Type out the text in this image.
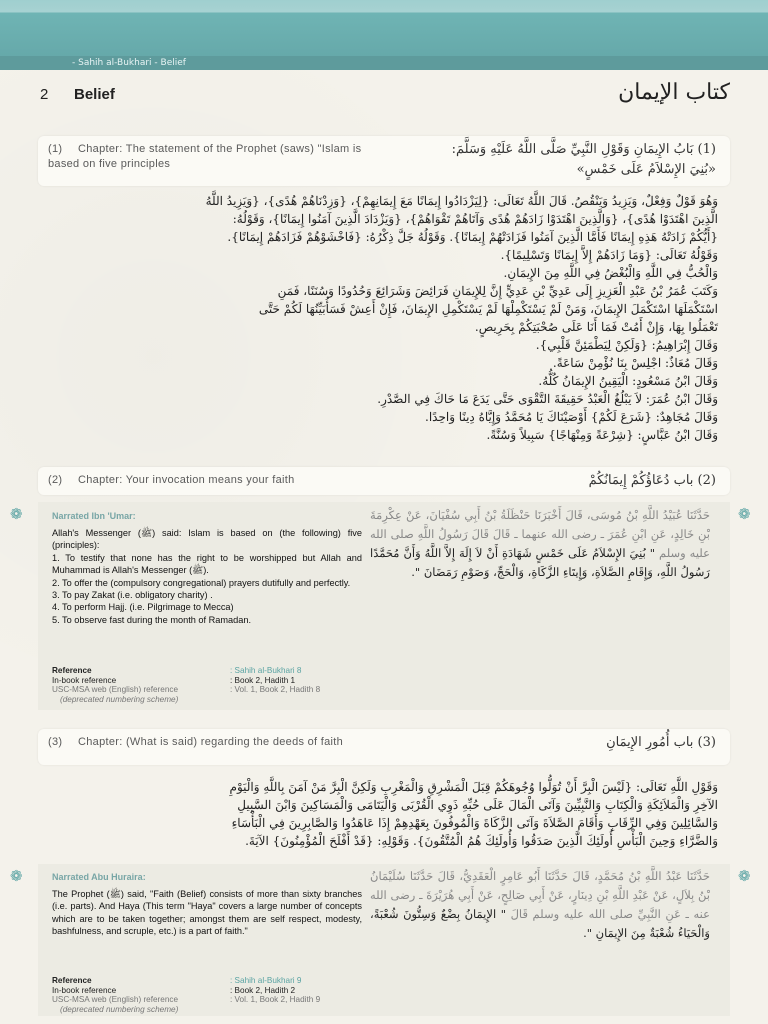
- Sahih al-Bukhari - Belief
2 Belief	كتاب الإيمان
(1) Chapter: The statement of the Prophet (saws) "Islam is based on five principles
(1) بَابُ الإِيمَانِ وَقَوْلِ النَّبِيِّ صَلَّى اللَّهُ عَلَيْهِ وَسَلَّمَ:
«بُنِيَ الإِسْلاَمُ عَلَى خَمْسٍ»

وَهُوَ قَوْلٌ وَفِعْلٌ، وَيَزِيدُ وَيَنْقُصُ. قَالَ اللَّهُ تَعَالَى: {لِيَزْدَادُوا إِيمَانًا مَعَ إِيمَانِهِمْ}، {وَزِدْنَاهُمْ هُدًى}، {وَيَزِيدُ اللَّهُ

الَّذِينَ اهْتَدَوْا هُدًى}، {وَالَّذِينَ اهْتَدَوْا زَادَهُمْ هُدًى وَآتَاهُمْ تَقْوَاهُمْ}، {وَيَزْدَادَ الَّذِينَ آمَنُوا إِيمَانًا}، وَقَوْلُهُ:

{أَيُّكُمْ زَادَتْهُ هَذِهِ إِيمَانًا فَأَمَّا الَّذِينَ آمَنُوا فَزَادَتْهُمْ إِيمَانًا}. وَقَوْلُهُ جَلَّ ذِكْرُهُ: {فَاخْشَوْهُمْ فَزَادَهُمْ إِيمَانًا}.

وَقَوْلُهُ تَعَالَى: {وَمَا زَادَهُمْ إِلاَّ إِيمَانًا وَتَسْلِيمًا}.

وَالْحُبُّ فِي اللَّهِ وَالْبُغْضُ فِي اللَّهِ مِنَ الإِيمَانِ.

وَكَتَبَ عُمَرُ بْنُ عَبْدِ الْعَزِيزِ إِلَى عَدِيِّ بْنِ عَدِيٍّ إِنَّ لِلإِيمَانِ فَرَائِضَ وَشَرَائِعَ وَحُدُودًا وَسُنَنًا، فَمَنِ

اسْتَكْمَلَهَا اسْتَكْمَلَ الإِيمَانَ، وَمَنْ لَمْ يَسْتَكْمِلْهَا لَمْ يَسْتَكْمِلِ الإِيمَانَ، فَإِنْ أَعِشْ فَسَأُبَيِّنُهَا لَكُمْ حَتَّى

تَعْمَلُوا بِهَا، وَإِنْ أَمُتْ فَمَا أَنَا عَلَى صُحْبَتِكُمْ بِحَرِيصٍ.

وَقَالَ إِبْرَاهِيمُ: {وَلَكِنْ لِيَطْمَئِنَّ قَلْبِي}.

وَقَالَ مُعَاذٌ: اجْلِسْ بِنَا نُؤْمِنْ سَاعَةً.

وَقَالَ ابْنُ مَسْعُودٍ: الْيَقِينُ الإِيمَانُ كُلُّهُ.

وَقَالَ ابْنُ عُمَرَ: لاَ يَبْلُغُ الْعَبْدُ حَقِيقَةَ التَّقْوَى حَتَّى يَدَعَ مَا حَاكَ فِي الصَّدْرِ.

وَقَالَ مُجَاهِدٌ: {شَرَعَ لَكُمْ} أَوْصَيْنَاكَ يَا مُحَمَّدُ وَإِيَّاهُ دِينًا وَاحِدًا.

وَقَالَ ابْنُ عَبَّاسٍ: {شِرْعَةً وَمِنْهَاجًا} سَبِيلاً وَسُنَّةً.

(2) Chapter: Your invocation means your faith	(2) باب دُعَاؤُكُمْ إِيمَانُكُمْ
Narrated Ibn 'Umar:

Allah's Messenger (ﷺ) said: Islam is based on (the following) five (principles):

1. To testify that none has the right to be worshipped but Allah and Muhammad is Allah's Messenger (ﷺ).

2. To offer the (compulsory congregational) prayers dutifully and perfectly.

3. To pay Zakat (i.e. obligatory charity) .

4. To perform Hajj. (i.e. Pilgrimage to Mecca)

5. To observe fast during the month of Ramadan.

حَدَّثَنَا عُبَيْدُ اللَّهِ بْنُ مُوسَى، قَالَ أَخْبَرَنَا حَنْظَلَةُ بْنُ أَبِي سُفْيَانَ، عَنْ عِكْرِمَةَ بْنِ خَالِدٍ، عَنِ ابْنِ عُمَرَ ـ رضى الله عنهما ـ قَالَ قَالَ رَسُولُ اللَّهِ صلى الله عليه وسلم " بُنِيَ الإِسْلاَمُ عَلَى خَمْسٍ شَهَادَةِ أَنْ لاَ إِلَهَ إِلاَّ اللَّهُ وَأَنَّ مُحَمَّدًا رَسُولُ اللَّهِ، وَإِقَامِ الصَّلاَةِ، وَإِيتَاءِ الزَّكَاةِ، وَالْحَجِّ، وَصَوْمِ رَمَضَانَ ".
Reference	: Sahih al-Bukhari 8
In-book reference	: Book 2, Hadith 1
USC-MSA web (English) reference	: Vol. 1, Book 2, Hadith 8
(deprecated numbering scheme)
❁	❁
(3) Chapter: (What is said) regarding the deeds of faith	(3) باب أُمُورِ الإِيمَانِ

وَقَوْلِ اللَّهِ تَعَالَى: {لَيْسَ الْبِرَّ أَنْ تُوَلُّوا وُجُوهَكُمْ قِبَلَ الْمَشْرِقِ وَالْمَغْرِبِ وَلَكِنَّ الْبِرَّ مَنْ آمَنَ بِاللَّهِ وَالْيَوْمِ

الآخِرِ وَالْمَلاَئِكَةِ وَالْكِتَابِ وَالنَّبِيِّينَ وَآتَى الْمَالَ عَلَى حُبِّهِ ذَوِي الْقُرْبَى وَالْيَتَامَى وَالْمَسَاكِينَ وَابْنَ السَّبِيلِ

وَالسَّائِلِينَ وَفِي الرِّقَابِ وَأَقَامَ الصَّلاَةَ وَآتَى الزَّكَاةَ وَالْمُوفُونَ بِعَهْدِهِمْ إِذَا عَاهَدُوا وَالصَّابِرِينَ فِي الْبَأْسَاءِ

وَالضَّرَّاءِ وَحِينَ الْبَأْسِ أُولَئِكَ الَّذِينَ صَدَقُوا وَأُولَئِكَ هُمُ الْمُتَّقُونَ}. وَقَوْلِهِ: {قَدْ أَفْلَحَ الْمُؤْمِنُونَ} الآيَةَ.

Narrated Abu Huraira:

The Prophet (ﷺ) said, "Faith (Belief) consists of more than sixty branches (i.e. parts). And Haya (This term "Haya" covers a large number of concepts which are to be taken together; amongst them are self respect, modesty, bashfulness, and scruple, etc.) is a part of faith."

حَدَّثَنَا عَبْدُ اللَّهِ بْنُ مُحَمَّدٍ، قَالَ حَدَّثَنَا أَبُو عَامِرٍ الْعَقَدِيُّ، قَالَ حَدَّثَنَا سُلَيْمَانُ بْنُ بِلاَلٍ، عَنْ عَبْدِ اللَّهِ بْنِ دِينَارٍ، عَنْ أَبِي صَالِحٍ، عَنْ أَبِي هُرَيْرَةَ ـ رضى الله عنه ـ عَنِ النَّبِيِّ صلى الله عليه وسلم قَالَ " الإِيمَانُ بِضْعٌ وَسِتُّونَ شُعْبَةً، وَالْحَيَاءُ شُعْبَةٌ مِنَ الإِيمَانِ ".
Reference	: Sahih al-Bukhari 9
In-book reference	: Book 2, Hadith 2
USC-MSA web (English) reference	: Vol. 1, Book 2, Hadith 9
(deprecated numbering scheme)
❁	❁
